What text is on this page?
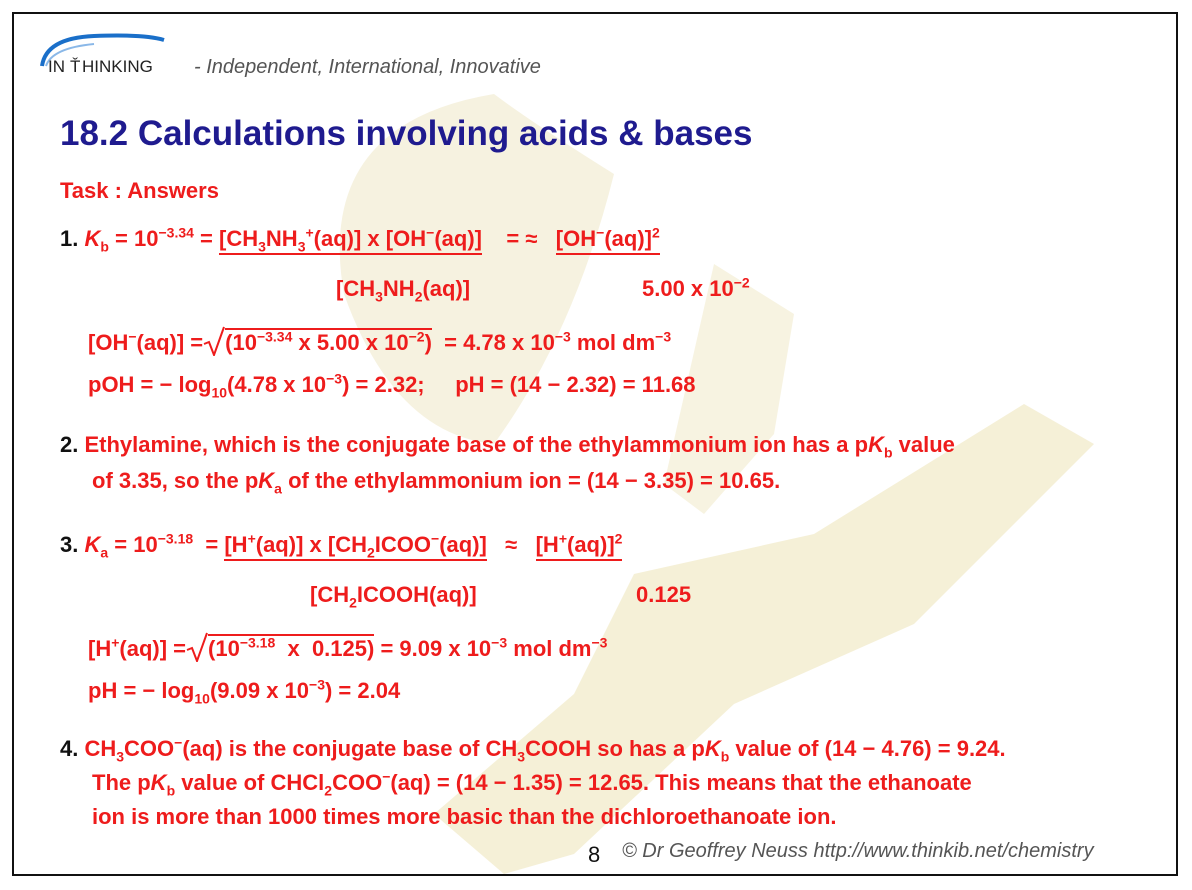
IN Ť HINKING - Independent, International, Innovative
18.2 Calculations involving acids & bases
Task : Answers
1. $K_b = 10^{-3.34} = [CH_3NH_3^+(aq)]$ x [OH−(aq)]    = ≈   $[OH^-(aq)]^2$
$[CH_3NH_2(aq)]$	5.00 x $10^{-2}$
$[OH^-(aq)] = (10^{-3.34}$ x 5.00 x $10^{-2}) = 4.78$ x $10^{-3}$ mol $dm^{-3}$
pOH = − $\log_{10}(4.78$ x $10^{-3}) = 2.32$;     pH = (14 − 2.32) = 11.68
2. Ethylamine, which is the conjugate base of the ethylammonium ion has a $pK_b$ value
of 3.35, so the $pK_a$ of the ethylammonium ion = (14 − 3.35) = 10.65.
3. $K_a = 10^{-3.18} = [H^+(aq)]$ x $[CH_2ICOO^-(aq)] \approx [H^+(aq)]^2$
$[CH_2ICOOH(aq)]$	0.125
$[H^+(aq)] = (10^{-3.18}$  x  0.125) = 9.09 x $10^{-3}$ mol $dm^{-3}$
pH = − $\log_{10}(9.09$ x $10^{-3}) = 2.04$
4. $CH_3COO^-(aq)$ is the conjugate base of $CH_3COOH$ so has a $pK_b$ value of (14 − 4.76) = 9.24.
The $pK_b$ value of CHCl$_2$COO−(aq) = (14 − 1.35) = 12.65. This means that the ethanoate
ion is more than 1000 times more basic than the dichloroethanoate ion.
8 © Dr Geoffrey Neuss http://www.thinkib.net/chemistry
